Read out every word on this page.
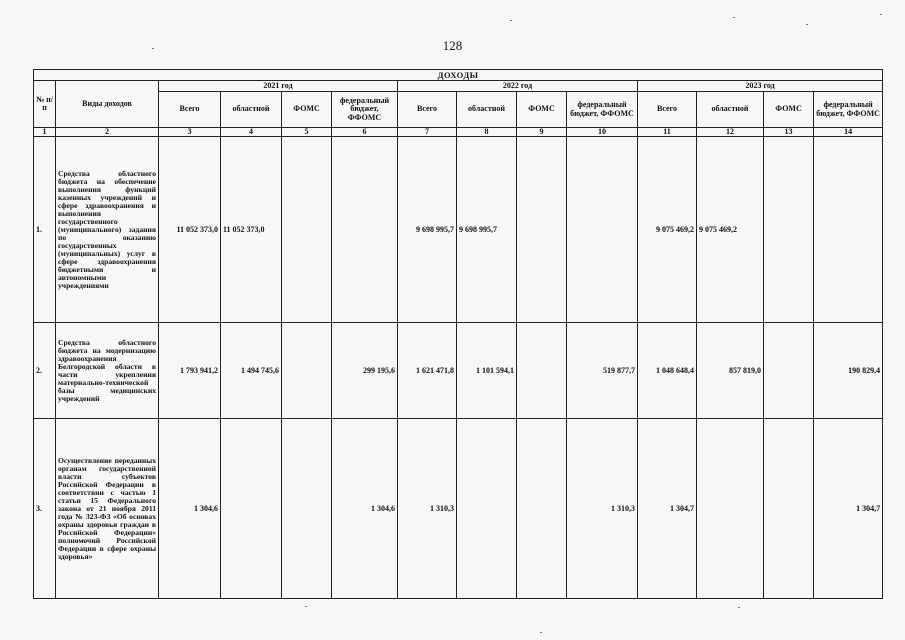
128
ДОХОДЫ													
№ п/п	Виды доходов	2021 год				2022 год				2023 год			
		Всего	областной	ФОМС	федеральный бюджет, ФФОМС	Всего	областной	ФОМС	федеральный бюджет, ФФОМС	Всего	областной	ФОМС	федеральный бюджет, ФФОМС
1	2	3	4	5	6	7	8	9	10	11	12	13	14
1.	Средства областного бюджета на обеспечение выполнения функций казенных учреждений и сфере здравоохранения и выполнения государственного (муниципального) задания по оказанию государственных (муниципальных) услуг в сфере здравоохранения бюджетными и автономными учреждениями	11 052 373,0	11 052 373,0			9 698 995,7	9 698 995,7			9 075 469,2	9 075 469,2		
2.	Средства областного бюджета на модернизацию здравоохранения Белгородской области в части укрепления материально-технической базы медицинских учреждений	1 793 941,2	1 494 745,6		299 195,6	1 621 471,8	1 101 594,1		519 877,7	1 048 648,4	857 819,0		190 829,4
3.	Осуществление переданных органам государственной власти субъектов Российской Федерации в соответствии с частью 1 статьи 15 Федерального закона от 21 ноября 2011 года № 323-ФЗ «Об основах охраны здоровья граждан в Российской Федерации» полномочий Российской Федерации в сфере охраны здоровья»	1 304,6			1 304,6	1 310,3			1 310,3	1 304,7			1 304,7
